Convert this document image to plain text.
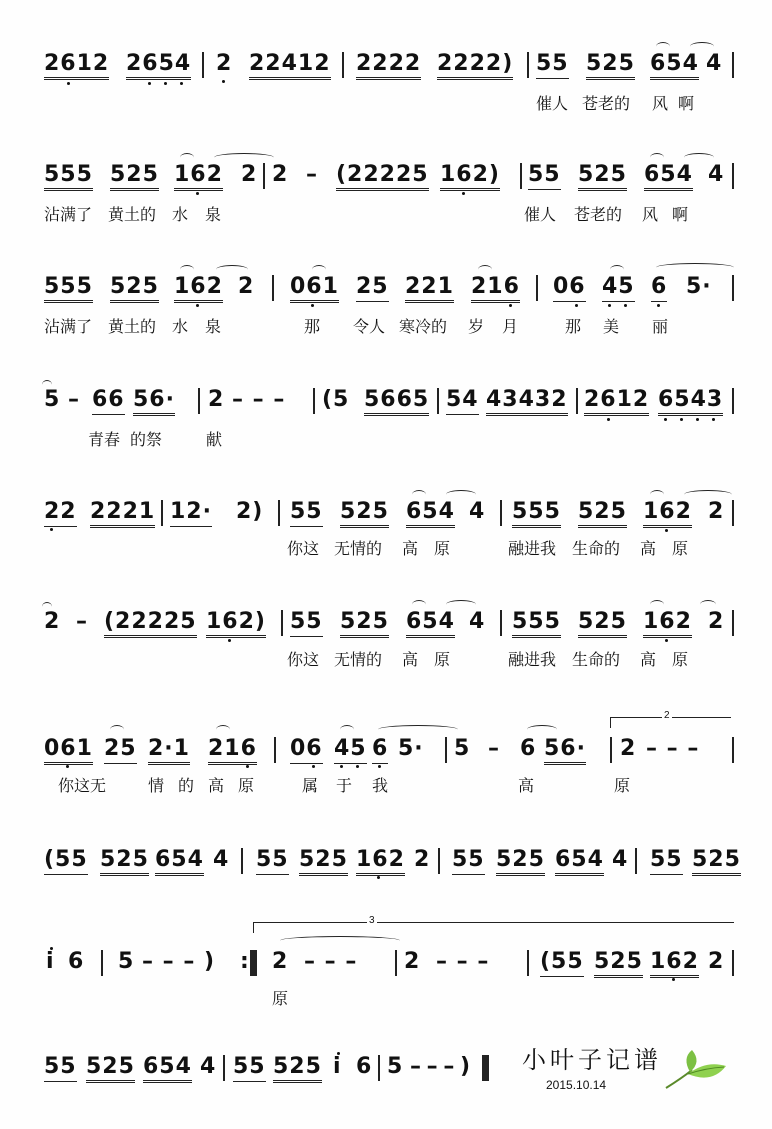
2612 2654 2 22412 2222 2222) 55 525 654 4
催人 苍老的 风 啊
555 525 162 2 2 – (22225 162) 55 525 654 4
沾满了 黄土的 水 泉	催人 苍老的 风 啊
555 525 162 2 061 25 221 216 06 45 6 5·
沾满了 黄土的 水 泉	那 令人 寒冷的 岁 月	那 美 丽
5 – 66 56· 2 – – – (5 5665 54 43432 2612 6543
青春 的祭	献
22 2221 12· 2) 55 525 654 4 555 525 162 2
你这 无情的 高 原	融进我 生命的 高 原
2 – (22225 162) 55 525 654 4 555 525 162 2
你这 无情的 高 原	融进我 生命的 高 原
061 25 2·1 216 06 45 6 5· 5 – 6 56·
2
2 – – –
你这无	情 的 高 原	属 于 我	高	原
(55 525 654 4 55 525 162 2 55 525 654 4 55 525
i 6 5 – – – ) :
3
2 – – – 2 – – – (55 525 162 2
原
55 525 654 4 55 525 i 6 5 – – – ) 小叶子记谱
2015.10.14
